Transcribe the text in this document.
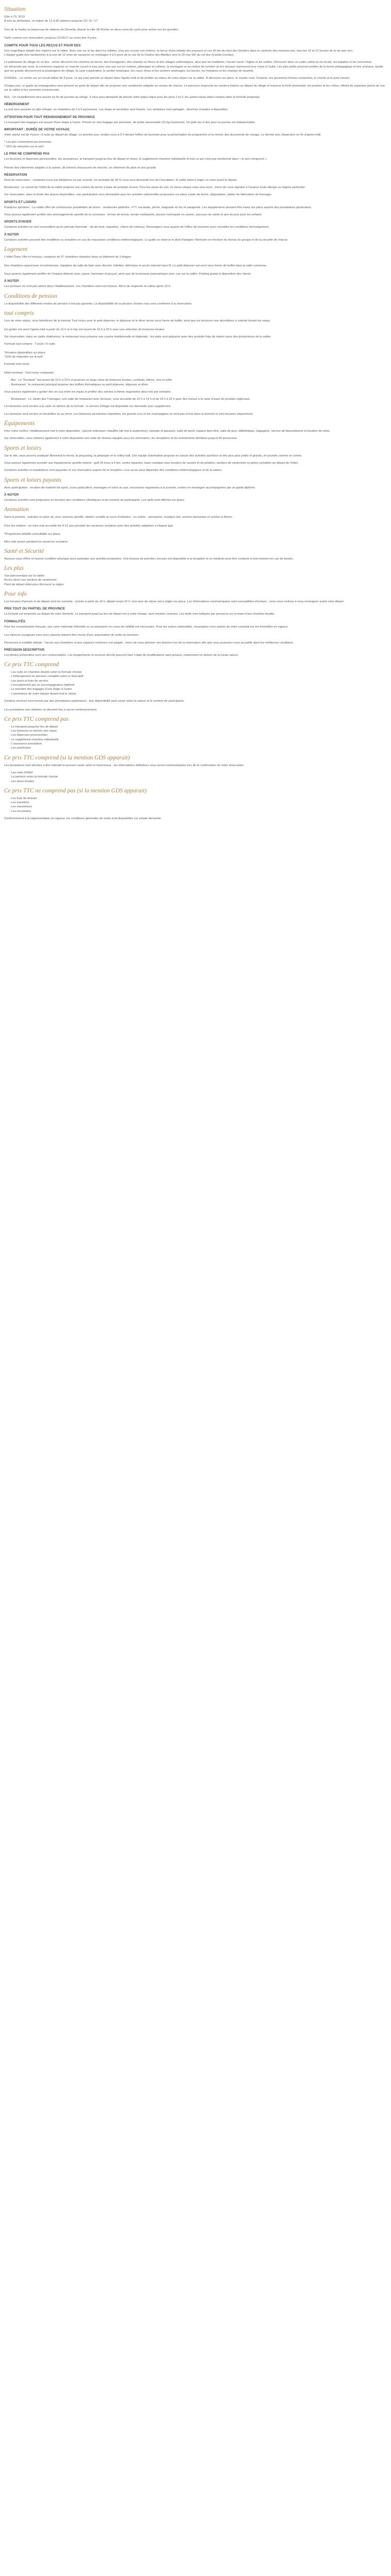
Situation

Gîte à 70, 2019
À tout au printemps, un séjour de 13 à 66 visiteurs jusqu'au 21/ 16 / 17

Tout de la Vuelta ou beaucoup de stations de Ginevita, depuis la ville ZE-Roche en deux coins de cycle pour arriver sur les grandes.

Tarifs comme une réservation: jusqu'au 21/16/17 au cours des 4 jours.

COMPTE POUR TOUS LES REÇUS ET POUR DES

Une magnifique balade des régions sur la vallée. Avec vue sur le lac dans les vallées, cinq ans à jouer ces rivières, la tenue d'une balade des paysans et ces 50 km du haut des Sentiers dans le contexte des maisons nos, tous les 10 et 12 heures de la vie que rien.
L'équipe guide des randonnées à la une de 12 mois de vacances en montagne 4 à 5 jours de la vue de la Chaîne des Abeilles vers le 29 mai 15h du col des Grands-Combes.

Le patrimoine du village en ce lieu : venez découvrir les chemins du terroir, des fromageries, des champs en fleurs et des villages authentiques, ainsi que les traditions, l'ancien lavoir, l'église et les ruelles. Découvrir dans un cadre calme la vie locale, les balades et les rencontres.
Un dimanche par mois, la commune organise un marché ouvert à tous avec une vue sur les rivières, pâturages et collines, la montagne et sa chaîne de lumière où les oiseaux reprennent leur chant à l'aube. Les plus petits pourront profiter de la ferme pédagogique et des animaux, tandis que les grands découvriront la boulangerie du village, la cave coopérative, le sentier botanique, les cours d'eau et les sentiers aménagés, les lavoirs, les fontaines et les champs de lavande.

CONSEIL : Le centre sur un circuit balisé de 4 jours, ce qui vous permet un départ dans l'après-midi et de profiter au mieux de votre séjour sur la vallée. À découvrir sur place, le musée rural, l'oratoire, les anciennes fermes restaurées, le moulin et le pont romain.

Chaque jour, un guide accompagnateur sera présent au point de départ afin de proposer une randonnée adaptée au niveau de chacun. Le parcours emprunte les sentiers balisés au départ du village et traverse la forêt domaniale, les prairies et les crêtes, offrant de superbes points de vue sur la vallée et les sommets environnants.

NUL : Un ravitaillement sera assuré en fin de journée au refuge. Il vous sera demandé de prévoir votre pique-nique pour les jours 2 et 3, les autres repas étant compris dans la formule proposée.

HÉBERGEMENT

La nuit sera assurée en gîte d'étape, en chambres de 2 à 6 personnes. Les draps et serviettes sont fournis. Les sanitaires sont partagés ; douches chaudes à disposition.

ATTENTION POUR TOUT RENSEIGNEMENT DE PROVINCE

Le transport des bagages est assuré d'une étape à l'autre. Prévoir un seul bagage par personne, de poids raisonnable (15 kg maximum). Un petit sac à dos pour la journée est indispensable.

IMPORTANT : DURÉE DE VOTRE VOYAGE

Votre séjour est de 4 jours / 3 nuits au départ du village. Le premier jour, rendez-vous à 9 h devant l'office de tourisme pour la présentation du programme et la remise des documents de voyage. Le dernier jour, dispersion en fin d'après-midi.

* Les prix s'entendent par personne
* 10% de réduction sur la tarif

LE PRIX NE COMPREND PAS

Les boissons et dépenses personnelles, les assurances, le transport jusqu'au lieu de départ et retour, le supplément chambre individuelle et tout ce qui n'est pas mentionné dans « le prix comprend ».

Prévoir des vêtements adaptés à la saison, de bonnes chaussures de marche, un vêtement de pluie et une gourde.

RÉSERVATION

Droit de réservation : contactez-nous par téléphone ou par courriel. Un acompte de 30 % vous sera demandé lors de l'inscription, le solde étant à régler un mois avant le départ.

Restaurant : Le carnet de l'hôtel de la vallée propose une cuisine de terroir à base de produits locaux. Pour les repas du soir, un menu unique vous sera servi ; merci de nous signaler à l'avance toute allergie ou régime particulier.

Sur réservation, dans la limite des places disponibles, une participation sera demandée pour les activités optionnelles proposées sur place (visite de ferme, dégustation, atelier de fabrication de fromage).

SPORTS ET LOISIRS

Pratiques sportives : La vallée offre de nombreuses possibilités de loisirs : randonnée pédestre, VTT, escalade, pêche, baignade en lac et parapente. Les équipements peuvent être loués sur place auprès des prestataires partenaires.

Vous pouvez également profiter des aménagements sportifs de la commune : terrain de tennis, terrain multisports, piscine municipale en saison, parcours de santé et aire de jeux pour les enfants.

SPORTS D'HIVER

Certaines activités ne sont accessibles qu'en période hivernale : ski de fond, raquettes, chiens de traîneau. Renseignez-vous auprès de l'office de tourisme pour connaître les conditions d'enneigement.

À NOTER

Certaines activités peuvent être modifiées ou annulées en cas de mauvaises conditions météorologiques. Le guide se réserve le droit d'adapter l'itinéraire en fonction du niveau du groupe et de la sécurité de chacun.

Logement

L'hôtel Ôase Ville et réseaux, composé de 57 chambres réparties dans un bâtiment de 3 étages.

Des chambres spacieuses et lumineuses, équipées de salle de bain avec douche, toilettes, télévision et accès internet sans fil. Le petit déjeuner est servi sous forme de buffet dans la salle commune.

Vous pourrez également profiter de l'espace détente avec sauna, hammam et jacuzzi, ainsi que de la terrasse panoramique avec vue sur la vallée. Parking gratuit à disposition des clients.

À NOTER

Les animaux ne sont pas admis dans l'établissement. Les chambres sont non-fumeur. Merci de respecter le calme après 22 h.

Conditions de pension

La disponibilité des différents modes de pension n'est pas garantie. La disponibilité de la pension choisie vous sera confirmée à la réservation.

tout compris

Lors de votre séjour, vous bénéficiez de la formule Tout inclus avec le petit déjeuner, le déjeuner et le dîner servis sous forme de buffet, ainsi que les boissons non alcoolisées à volonté durant les repas.

Un goûter est servi l'après-midi à partir de 16 h et le bar est ouvert de 10 h à 23 h avec une sélection de boissons locales.

Sur réservation, dans un cadre chaleureux, le restaurant vous propose une cuisine traditionnelle et régionale ; les plats sont préparés avec des produits frais de saison issus des producteurs de la vallée.

Formule tout compris : 7 jours / 6 nuits

*Horaires disponibles sur place
*10% de réduction sur le tarif

Formule tout inclus

Hôtel terminal : Tout inclus comprend :

- Bar : Le "Fontaine" est ouvert de 10 h à 23 h et propose un large choix de boissons locales, cocktails, bières, vins et softs
- Restaurant : le restaurant principal propose des buffets thématiques au petit déjeuner, déjeuner et dîner

Vous pouvez également y goûter des en-cas entre les repas et profiter des soirées à thème organisées deux fois par semaine.

- Restaurant : Le Jardin des Tramages, une salle de restaurant avec terrasse, vous accueille de 12 h à 14 h et de 19 h à 22 h pour des menus à la carte à base de produits régionaux

Les boissons sont servies à la carte en dehors de la formule ; le service d'étage est disponible sur demande avec supplément.

Les boissons sont servies en bouteilles ou au verre. Les boissons alcoolisées importées, les grands crus et les champagnes ne sont pas inclus dans la formule et sont facturés séparément.

Équipements

Pour votre confort, l'établissement met à votre disposition : piscine extérieure chauffée (de mai à septembre), transats et parasols, salle de sport, espace bien-être, salle de jeux, bibliothèque, bagagerie, service de blanchisserie et location de vélos.

Sur réservation, nous mettons également à votre disposition une salle de réunion équipée pour les séminaires, les réceptions et les événements familiaux jusqu'à 60 personnes.

Sports et loisirs

Sur le site, vous pourrez pratiquer librement le tennis, le ping-pong, la pétanque et le volley-ball. Une équipe d'animation propose en saison des activités sportives et des jeux pour petits et grands, en journée comme en soirée.

Vous pouvez également accéder aux équipements sportifs voisins : golf 18 trous à 5 km, centre équestre, base nautique avec location de canoës et de pédalos, sentiers de randonnée et pistes cyclables au départ de l'hôtel.

Certaines activités et installations sont payantes et sur réservation auprès de la réception. Leur accès peut dépendre des conditions météorologiques et de la saison.

Sports et loisirs payants

Avec participation : location de matériel de sport, cours particuliers, massages et soins au spa, excursions organisées à la journée, sorties en montagne accompagnées par un guide diplômé.

À NOTER

Certaines activités sont proposées en fonction des conditions climatiques et du nombre de participants. Les tarifs sont affichés sur place.

Animation

Dans la journée : activités en plein air, jeux, tournois sportifs, ateliers créatifs et cours d'initiation ; en soirée : spectacles, musique live, soirées dansantes et soirées à thème.

Pour les enfants : un mini-club accueille les 4-12 ans pendant les vacances scolaires avec des activités adaptées à chaque âge.

*Programme détaillé consultable sur place.

Mini-club ouvert pendant les vacances scolaires.

Santé et Sécurité

Assurez-vous d'être en bonne condition physique pour participer aux activités proposées. Une trousse de premiers secours est disponible à la réception et un médecin peut être contacté à tout moment en cas de besoin.

Les plus

Vue panoramique sur la vallée
Accès direct aux sentiers de randonnée
Point de départ idéal pour découvrir la région

Pour info

Les horaires d'arrivée et de départ sont les suivants : arrivée à partir de 16 h, départ avant 10 h. Une taxe de séjour est à régler sur place. Les informations communiquées sont susceptibles d'évoluer ; nous vous invitons à vous renseigner avant votre départ.

PRIX TOUT OU PARTIEL DE PROVINCE

La formule est proposée au départ de votre domicile. Le transport jusqu'au lieu de départ est à votre charge, sauf mention contraire. Les tarifs sont indiqués par personne sur la base d'une chambre double.

FORMALITÉS

Pour les ressortissants français, une carte nationale d'identité ou un passeport en cours de validité est nécessaire. Pour les autres nationalités, renseignez-vous auprès de votre consulat sur les formalités en vigueur.

Les mineurs voyageant sans leurs parents doivent être munis d'une autorisation de sortie du territoire.

Personnes à mobilité réduite : l'accès aux chambres et aux espaces communs est adapté ; merci de nous préciser vos besoins lors de la réservation afin que nous puissions vous accueillir dans les meilleures conditions.

PRÉCISION DESCRIPTIVE

Les photos présentées sont non contractuelles. Les équipements et services décrits peuvent faire l'objet de modifications sans préavis, notamment en dehors de la haute saison.

Ce prix TTC comprend
- Les nuits en chambre double selon la formule choisie
- L'hébergement en pension complète selon le descriptif
- Les taxes et frais de service
- L'encadrement par un accompagnateur diplômé
- Le transfert des bagages d'une étape à l'autre
- L'assistance de notre équipe durant tout le séjour

Certains services sont fournis par des prestataires partenaires ; leur disponibilité peut varier selon la saison et le nombre de participants.

Les prestations non utilisées ne donnent lieu à aucun remboursement.

Ce prix TTC comprend pas
- Le transport jusqu'au lieu de départ
- Les boissons en dehors des repas
- Les dépenses personnelles
- Le supplément chambre individuelle
- L'assurance annulation
- Les pourboires
Ce prix TTC comprend (si la mention GDS apparait)

Les prestations sont décrites à titre indicatif et peuvent varier selon le fournisseur ; les informations définitives vous seront communiquées lors de la confirmation de votre réservation.

- Les nuits d'hôtel
- La pension selon la formule choisie
- Les taxes locales
Ce prix TTC ne comprend pas (si la mention GDS apparait)
- Les frais de dossier
- Les transferts
- Les assurances
- Les excursions

Conformément à la réglementation en vigueur, les conditions générales de vente sont disponibles sur simple demande.
